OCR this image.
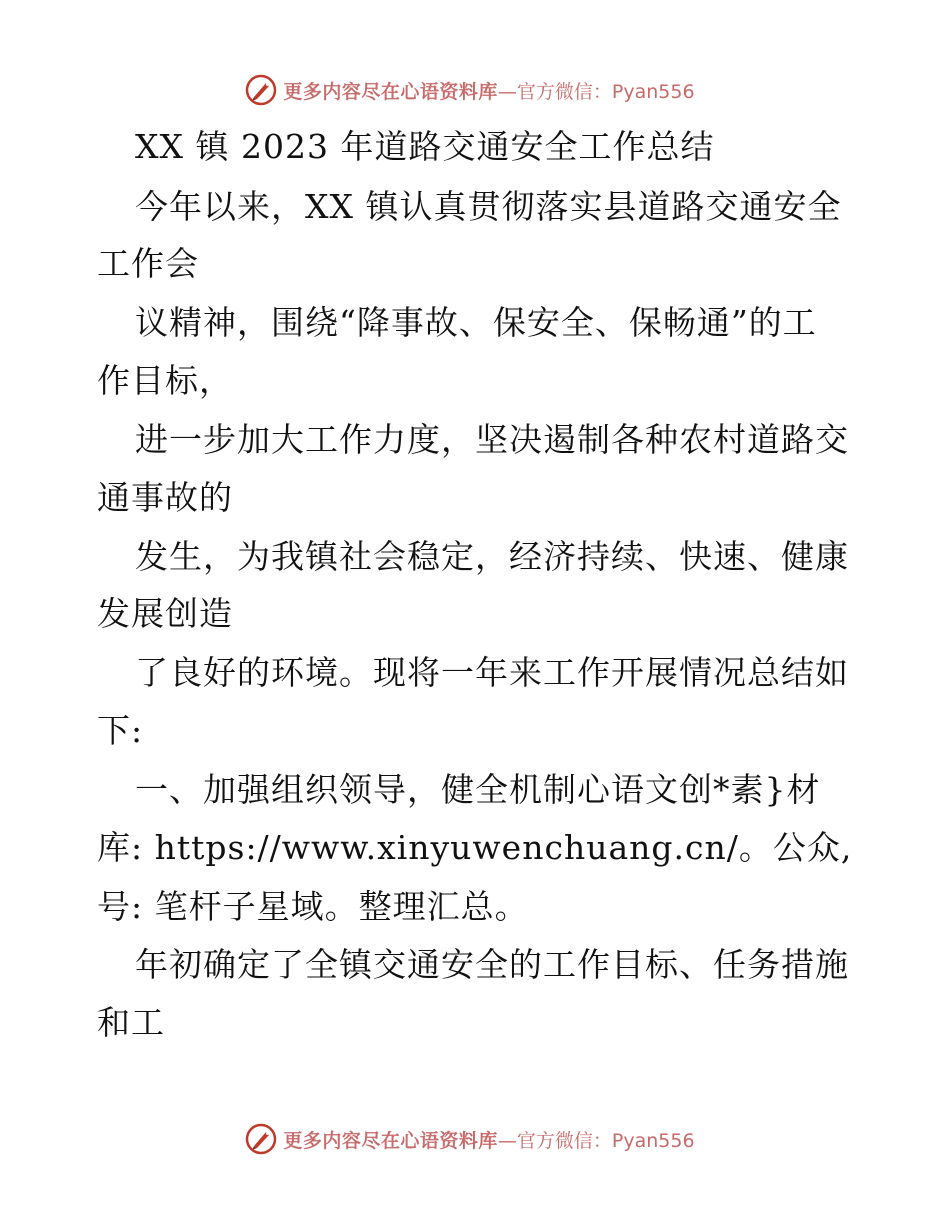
更多内容尽在心语资料库 —官方微信：Pyan556
XX 镇 2023 年道路交通安全工作总结
今年以来，XX 镇认真贯彻落实县道路交通安全
工作会
议精神，围绕“降事故、保安全、保畅通”的工
作目标，
进一步加大工作力度，坚决遏制各种农村道路交
通事故的
发生，为我镇社会稳定，经济持续、快速、健康
发展创造
了良好的环境。现将一年来工作开展情况总结如
下:
一、加强组织领导，健全机制心语文创*素}材
库: https://www.xinyuwenchuang.cn/。公众,
号: 笔杆子星域。整理汇总。
年初确定了全镇交通安全的工作目标、任务措施
和工
更多内容尽在心语资料库 —官方微信：Pyan556
